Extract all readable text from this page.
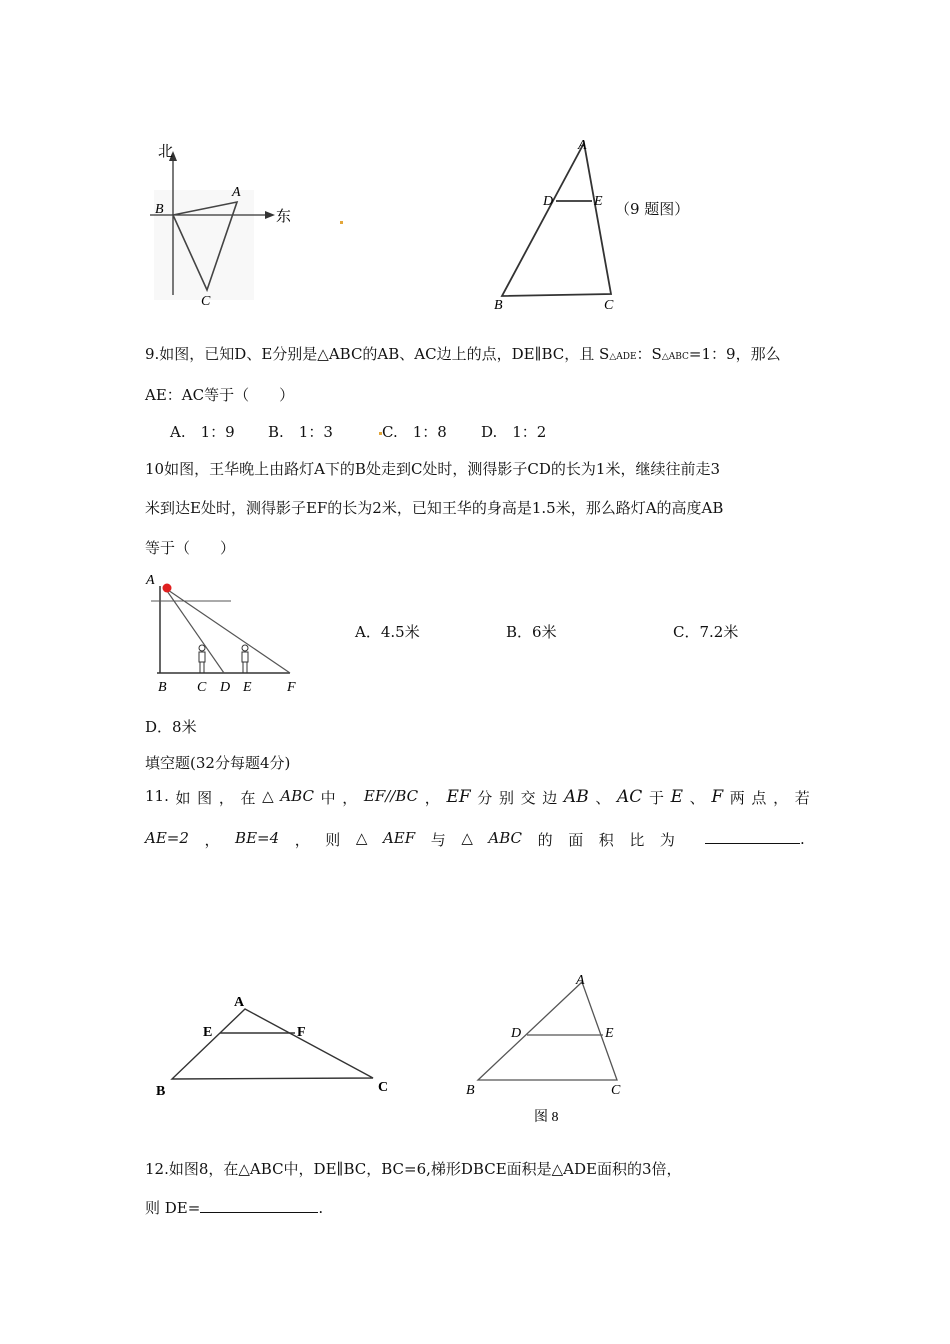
北
东
A
B
C
A
D	E
B	C
（9 题图）
9.如图，已知D、E分别是△ABC的AB、AC边上的点，DE∥BC，且 S△ADE：S△ABC=1：9，那么
AE：AC等于（　　）
A.　1：9 B.　1：3	C.　1：8 D.　1：2
10如图，王华晚上由路灯A下的B处走到C处时，测得影子CD的长为1米，继续往前走3
米到达E处时，测得影子EF的长为2米，已知王华的身高是1.5米，那么路灯A的高度AB
等于（　　）
A
B C D E	F
A．4.5米	B．6米	C．7.2米
D．8米
填空题(32分每题4分)
11. 如 图 ， 在 △ ABC 中 ， EF//BC ， EF 分 别 交 边 AB 、 AC 于 E 、 F 两 点 ， 若
AE=2 ， BE=4 ， 则 △ AEF 与 △ ABC 的 面 积 比 为	.
A
E	F
B	C
A
D	E
B	C
图 8
12.如图8，在△ABC中，DE∥BC，BC=6,梯形DBCE面积是△ADE面积的3倍，
则 DE=	.
